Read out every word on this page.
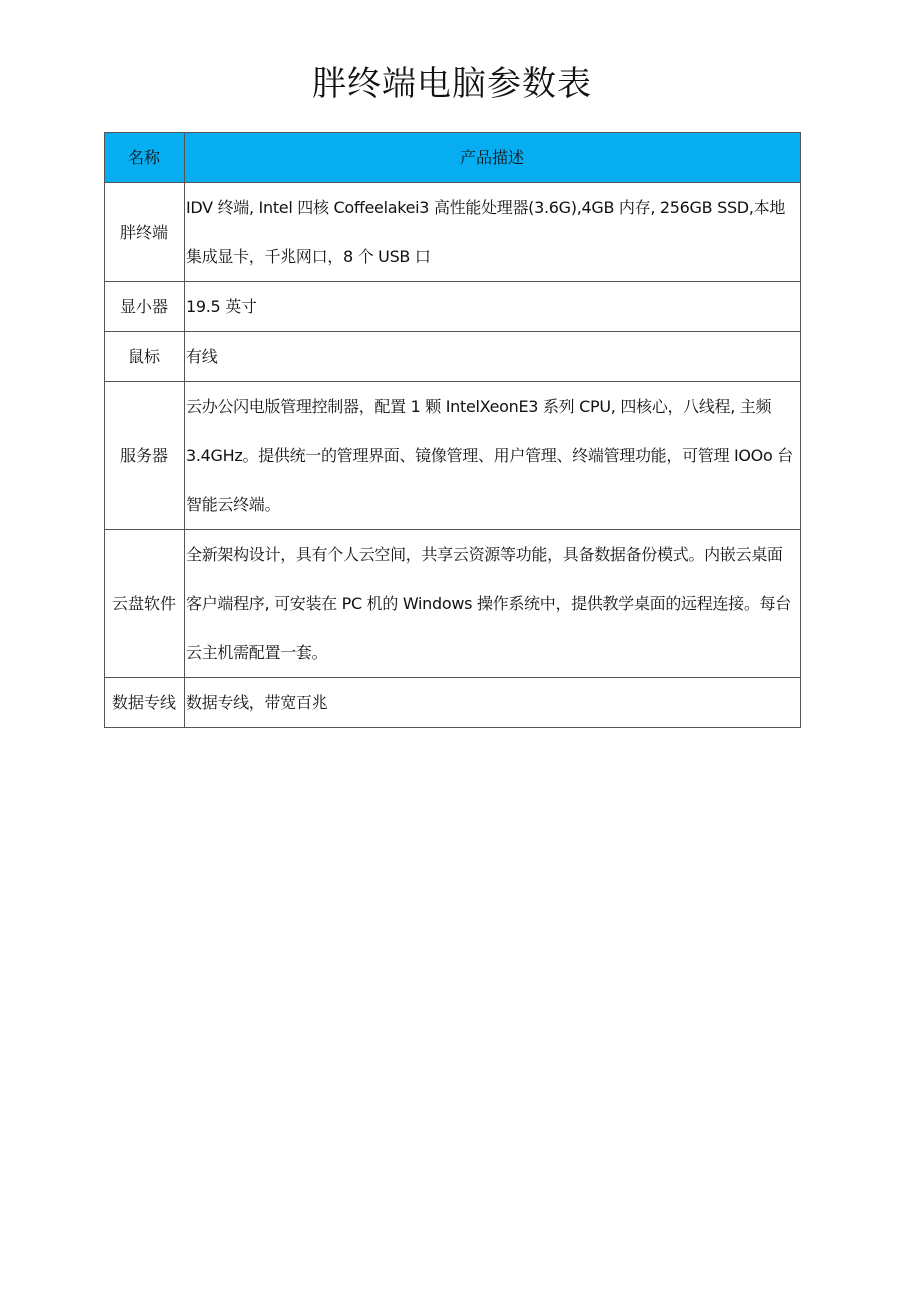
胖终端电脑参数表
名称	产品描述
胖终端	IDV 终端, Intel 四核 Coffeelakei3 高性能处理器(3.6G),4GB 内存, 256GB SSD,本地集成显卡，千兆网口，8 个 USB 口
显小器	19.5 英寸
鼠标	有线
服务器	云办公闪电版管理控制器，配置 1 颗 IntelXeonE3 系列 CPU, 四核心，八线程, 主频 3.4GHz。提供统一的管理界面、镜像管理、用户管理、终端管理功能，可管理 IOOo 台智能云终端。
云盘软件	全新架构设计，具有个人云空间，共享云资源等功能，具备数据备份模式。内嵌云桌面客户端程序, 可安装在 PC 机的 Windows 操作系统中，提供教学桌面的远程连接。每台云主机需配置一套。
数据专线	数据专线，带宽百兆
